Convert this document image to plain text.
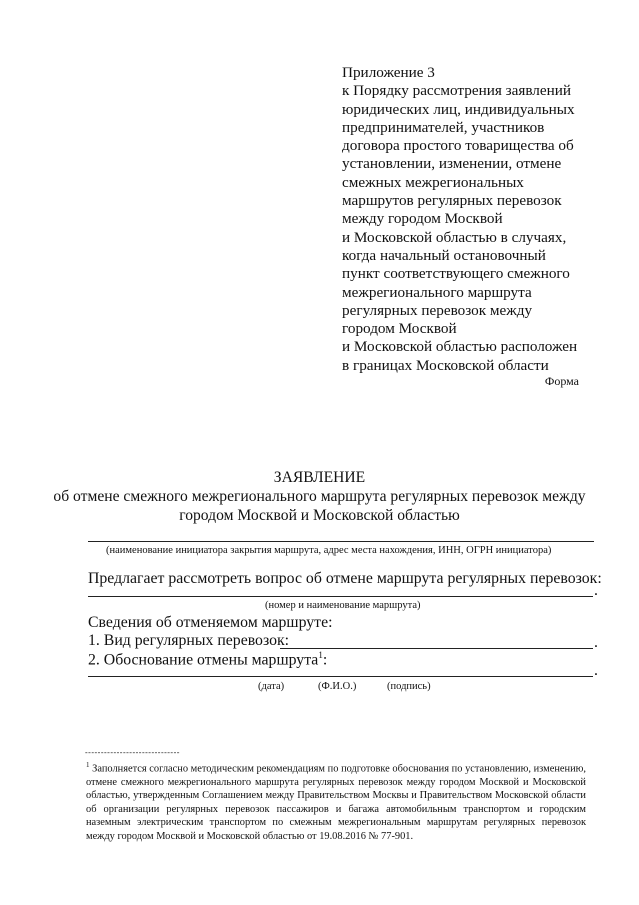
Приложение 3
к Порядку рассмотрения заявлений
юридических лиц, индивидуальных
предпринимателей, участников
договора простого товарищества об
установлении, изменении, отмене
смежных межрегиональных
маршрутов регулярных перевозок
между городом Москвой
и Московской областью в случаях,
когда начальный остановочный
пункт соответствующего смежного
межрегионального маршрута
регулярных перевозок между
городом Москвой
и Московской областью расположен
в границах Московской области
Форма
ЗАЯВЛЕНИЕ
об отмене смежного межрегионального маршрута регулярных перевозок между
городом Москвой и Московской областью
(наименование инициатора закрытия маршрута, адрес места нахождения, ИНН, ОГРН инициатора)
Предлагает рассмотреть вопрос об отмене маршрута регулярных перевозок:
.
(номер и наименование маршрута)
Сведения об отменяемом маршруте:
1. Вид регулярных перевозок:	.
2. Обоснование отмены маршрута$^1$:
.
(дата)	(Ф.И.О.)	(подпись)
------------------------------
$^1$ Заполняется согласно методическим рекомендациям по подготовке обоснования по установлению, изменению, отмене смежного межрегионального маршрута регулярных перевозок между городом Москвой и Московской областью, утвержденным Соглашением между Правительством Москвы и Правительством Московской области об организации регулярных перевозок пассажиров и багажа автомобильным транспортом и городским наземным электрическим транспортом по смежным межрегиональным маршрутам регулярных перевозок между городом Москвой и Московской областью от 19.08.2016 № 77-901.
